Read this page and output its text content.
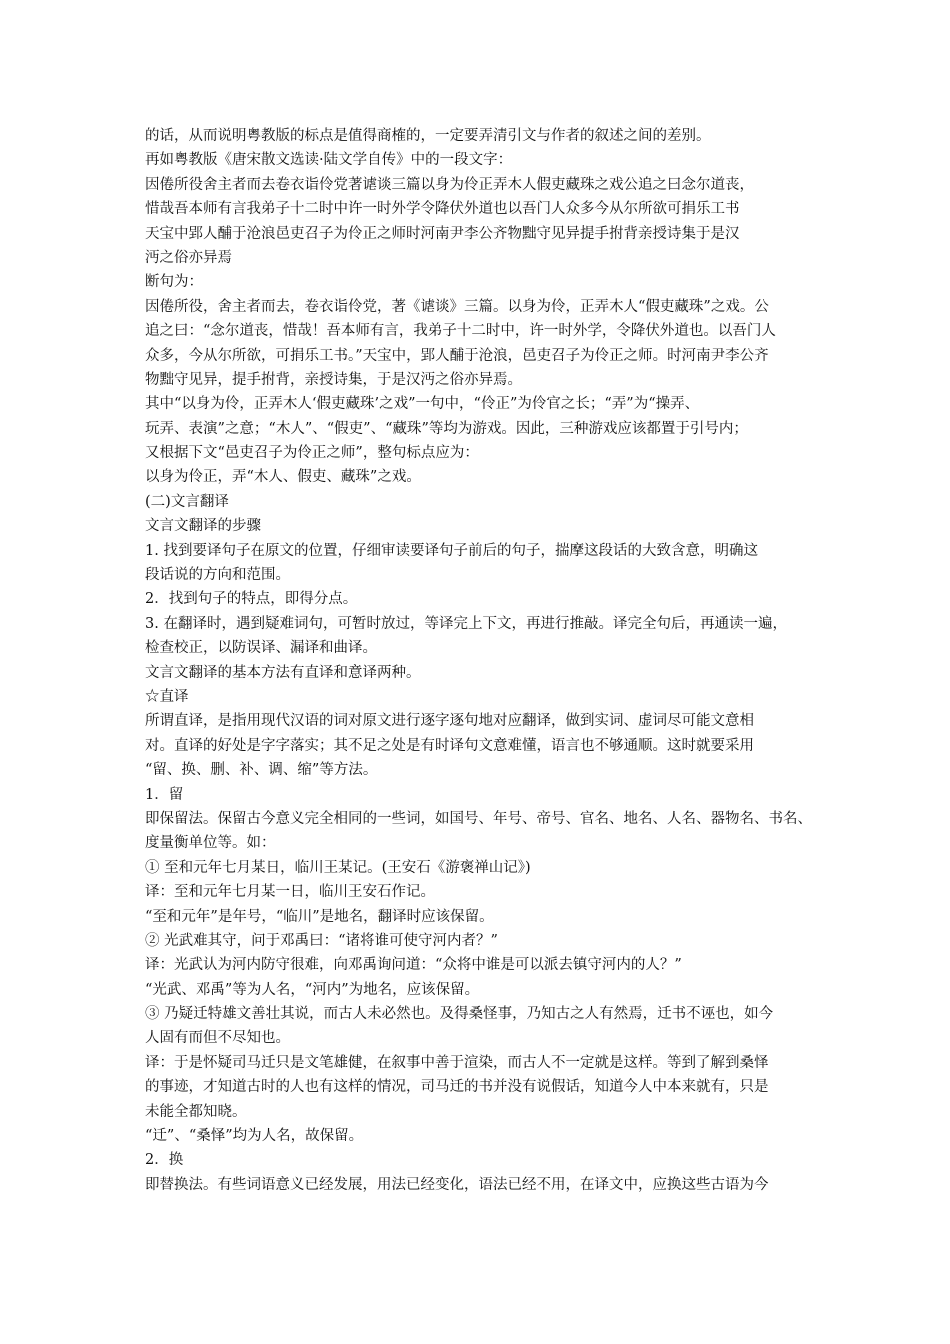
的话，从而说明粤教版的标点是值得商榷的，一定要弄清引文与作者的叙述之间的差别。
再如粤教版《唐宋散文选读·陆文学自传》中的一段文字：
因倦所役舍主者而去卷衣诣伶党著谑谈三篇以身为伶正弄木人假吏藏珠之戏公追之曰念尔道丧，
惜哉吾本师有言我弟子十二时中许一时外学令降伏外道也以吾门人众多今从尔所欲可捐乐工书
天宝中郢人酺于沧浪邑吏召子为伶正之师时河南尹李公齐物黜守见异提手拊背亲授诗集于是汉
沔之俗亦异焉
断句为：
因倦所役，舍主者而去，卷衣诣伶党，著《谑谈》三篇。以身为伶，正弄木人“假吏藏珠”之戏。公
追之曰：“念尔道丧，惜哉！吾本师有言，我弟子十二时中，许一时外学，令降伏外道也。以吾门人
众多，今从尔所欲，可捐乐工书。”天宝中，郢人酺于沧浪，邑吏召子为伶正之师。时河南尹李公齐
物黜守见异，提手拊背，亲授诗集，于是汉沔之俗亦异焉。
其中“以身为伶，正弄木人‘假吏藏珠’之戏”一句中，“伶正”为伶官之长；“弄”为“操弄、
玩弄、表演”之意；“木人”、“假吏”、“藏珠”等均为游戏。因此，三种游戏应该都置于引号内；
又根据下文“邑吏召子为伶正之师”，整句标点应为：
以身为伶正，弄“木人、假吏、藏珠”之戏。
(二)文言翻译
文言文翻译的步骤
1. 找到要译句子在原文的位置，仔细审读要译句子前后的句子，揣摩这段话的大致含意，明确这
段话说的方向和范围。
2．找到句子的特点，即得分点。
3. 在翻译时，遇到疑难词句，可暂时放过，等译完上下文，再进行推敲。译完全句后，再通读一遍，
检查校正，以防误译、漏译和曲译。
文言文翻译的基本方法有直译和意译两种。
☆直译
所谓直译，是指用现代汉语的词对原文进行逐字逐句地对应翻译，做到实词、虚词尽可能文意相
对。直译的好处是字字落实；其不足之处是有时译句文意难懂，语言也不够通顺。这时就要采用
“留、换、删、补、调、缩”等方法。
1．留
即保留法。保留古今意义完全相同的一些词，如国号、年号、帝号、官名、地名、人名、器物名、书名、
度量衡单位等。如：
① 至和元年七月某日，临川王某记。(王安石《游褒禅山记》)
译：至和元年七月某一日，临川王安石作记。
“至和元年”是年号，“临川”是地名，翻译时应该保留。
② 光武难其守，问于邓禹曰：“诸将谁可使守河内者？”
译：光武认为河内防守很难，向邓禹询问道：“众将中谁是可以派去镇守河内的人？”
“光武、邓禹”等为人名，“河内”为地名，应该保留。
③ 乃疑迁特雄文善壮其说，而古人未必然也。及得桑怪事，乃知古之人有然焉，迁书不诬也，如今
人固有而但不尽知也。
译：于是怀疑司马迁只是文笔雄健，在叙事中善于渲染，而古人不一定就是这样。等到了解到桑怿
的事迹，才知道古时的人也有这样的情况，司马迁的书并没有说假话，知道今人中本来就有，只是
未能全都知晓。
“迁”、“桑怿”均为人名，故保留。
2．换
即替换法。有些词语意义已经发展，用法已经变化，语法已经不用，在译文中，应换这些古语为今
